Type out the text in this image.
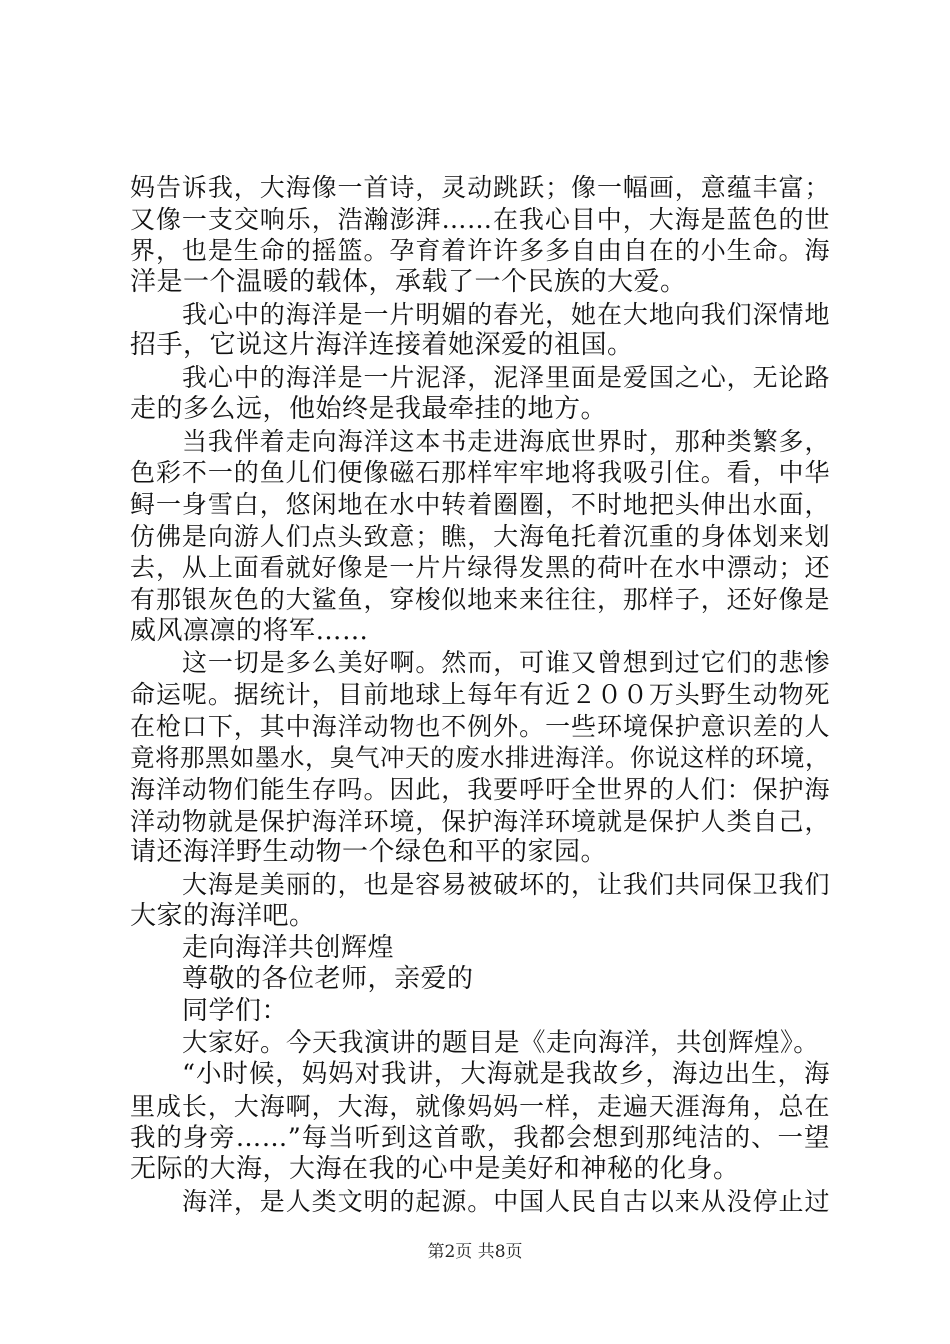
妈告诉我，大海像一首诗，灵动跳跃；像一幅画，意蕴丰富；
又像一支交响乐，浩瀚澎湃……在我心目中，大海是蓝色的世
界，也是生命的摇篮。孕育着许许多多自由自在的小生命。海
洋是一个温暖的载体，承载了一个民族的大爱。
我心中的海洋是一片明媚的春光，她在大地向我们深情地
招手，它说这片海洋连接着她深爱的祖国。
我心中的海洋是一片泥泽，泥泽里面是爱国之心，无论路
走的多么远，他始终是我最牵挂的地方。
当我伴着走向海洋这本书走进海底世界时，那种类繁多，
色彩不一的鱼儿们便像磁石那样牢牢地将我吸引住。看，中华
鲟一身雪白，悠闲地在水中转着圈圈，不时地把头伸出水面，
仿佛是向游人们点头致意；瞧，大海龟托着沉重的身体划来划
去，从上面看就好像是一片片绿得发黑的荷叶在水中漂动；还
有那银灰色的大鲨鱼，穿梭似地来来往往，那样子，还好像是
威风凛凛的将军……
这一切是多么美好啊。然而，可谁又曾想到过它们的悲惨
命运呢。据统计，目前地球上每年有近２００万头野生动物死
在枪口下，其中海洋动物也不例外。一些环境保护意识差的人
竟将那黑如墨水，臭气冲天的废水排进海洋。你说这样的环境，
海洋动物们能生存吗。因此，我要呼吁全世界的人们：保护海
洋动物就是保护海洋环境，保护海洋环境就是保护人类自己，
请还海洋野生动物一个绿色和平的家园。
大海是美丽的，也是容易被破坏的，让我们共同保卫我们
大家的海洋吧。
走向海洋共创辉煌
尊敬的各位老师，亲爱的
同学们：
大家好。今天我演讲的题目是《走向海洋，共创辉煌》。
“小时候，妈妈对我讲，大海就是我故乡，海边出生，海
里成长，大海啊，大海，就像妈妈一样，走遍天涯海角，总在
我的身旁……”每当听到这首歌，我都会想到那纯洁的、一望
无际的大海，大海在我的心中是美好和神秘的化身。
海洋，是人类文明的起源。中国人民自古以来从没停止过
第2页 共8页
